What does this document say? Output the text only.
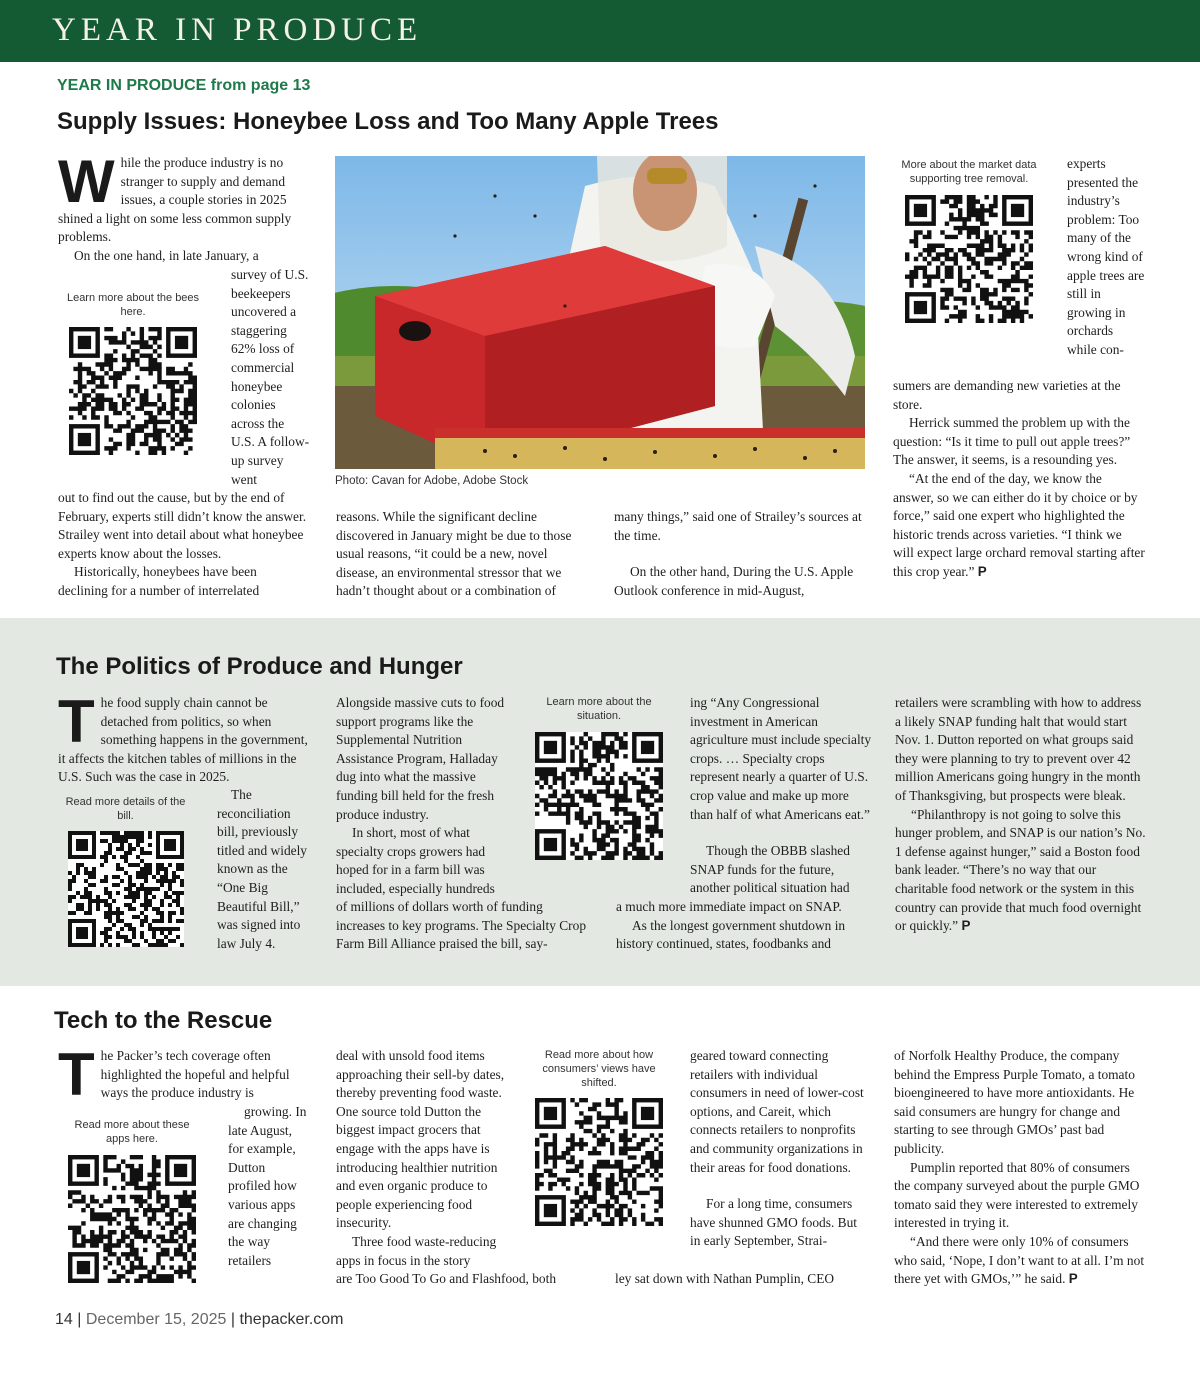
YEAR IN PRODUCE
YEAR IN PRODUCE from page 13
Supply Issues: Honeybee Loss and Too Many Apple Trees
W hile the produce industry is no stranger to supply and demand issues, a couple stories in 2025 shined a light on some less common supply problems.

On the one hand, in late January, a

Learn more about the bees here.
survey of U.S. beekeepers uncovered a staggering 62% loss of commercial honeybee colonies across the U.S. A follow-up survey went

out to find out the cause, but by the end of February, experts still didn’t know the answer. Strailey went into detail about what honeybee experts know about the losses.

Historically, honeybees have been declining for a number of interrelated

Photo: Cavan for Adobe, Adobe Stock

reasons. While the significant decline discovered in January might be due to those usual reasons, “it could be a new, novel disease, an environmental stressor that we hadn’t thought about or a combination of

many things,” said one of Strailey’s sources at the time.

On the other hand, During the U.S. Apple Outlook conference in mid-August,

More about the market data supporting tree removal.
experts presented the industry’s problem: Too many of the wrong kind of apple trees are still in growing in orchards while con-

sumers are demanding new varieties at the store.

Herrick summed the problem up with the question: “Is it time to pull out apple trees?” The answer, it seems, is a resounding yes.

“At the end of the day, we know the answer, so we can either do it by choice or by force,” said one expert who highlighted the historic trends across varieties. “I think we will expect large orchard removal starting after this crop year.” P

The Politics of Produce and Hunger
T he food supply chain cannot be detached from politics, so when something happens in the government, it affects the kitchen tables of millions in the U.S. Such was the case in 2025.
Read more details of the bill.
The reconciliation bill, previously titled and widely known as the “One Big Beautiful Bill,” was signed into law July 4.

Alongside massive cuts to food support programs like the Supplemental Nutrition Assistance Program, Halladay dug into what the massive funding bill held for the fresh produce industry.

In short, most of what specialty crops growers had hoped for in a farm bill was included, especially hundreds

of millions of dollars worth of funding increases to key programs. The Specialty Crop Farm Bill Alliance praised the bill, say-

Learn more about the situation.

ing “Any Congressional investment in American agriculture must include specialty crops. … Specialty crops represent nearly a quarter of U.S. crop value and make up more than half of what Americans eat.”

Though the OBBB slashed SNAP funds for the future, another political situation had

a much more immediate impact on SNAP.

As the longest government shutdown in history continued, states, foodbanks and

retailers were scrambling with how to address a likely SNAP funding halt that would start Nov. 1. Dutton reported on what groups said they were planning to try to prevent over 42 million Americans going hungry in the month of Thanksgiving, but prospects were bleak.

“Philanthropy is not going to solve this hunger problem, and SNAP is our nation’s No. 1 defense against hunger,” said a Boston food bank leader. “There’s no way that our charitable food network or the system in this country can provide that much food overnight or quickly.” P

Tech to the Rescue
T he Packer’s tech coverage often highlighted the hopeful and helpful ways the produce industry is
Read more about these apps here.
growing. In late August, for example, Dutton profiled how various apps are changing the way retailers

deal with unsold food items approaching their sell-by dates, thereby preventing food waste. One source told Dutton the biggest impact grocers that engage with the apps have is introducing healthier nutrition and even organic produce to people experiencing food insecurity.

Three food waste-reducing apps in focus in the story

are Too Good To Go and Flashfood, both

Read more about how consumers’ views have shifted.

geared toward connecting retailers with individual consumers in need of lower-cost options, and Careit, which connects retailers to nonprofits and community organizations in their areas for food donations.

For a long time, consumers have shunned GMO foods. But in early September, Strai-

ley sat down with Nathan Pumplin, CEO

of Norfolk Healthy Produce, the company behind the Empress Purple Tomato, a tomato bioengineered to have more antioxidants. He said consumers are hungry for change and starting to see through GMOs’ past bad publicity.

Pumplin reported that 80% of consumers the company surveyed about the purple GMO tomato said they were interested to extremely interested in trying it.

“And there were only 10% of consumers who said, ‘Nope, I don’t want to at all. I’m not there yet with GMOs,’” he said. P

14 | December 15, 2025 | thepacker.com
